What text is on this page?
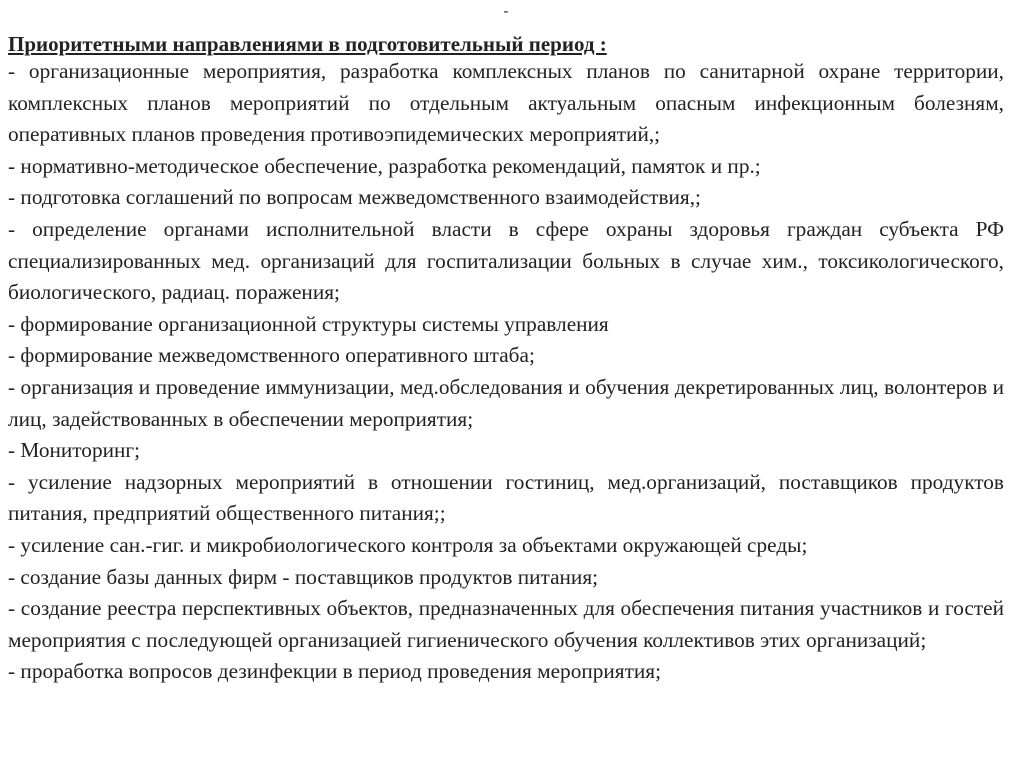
-
Приоритетными направлениями в подготовительный период :
- организационные мероприятия, разработка комплексных планов по санитарной охране территории, комплексных планов мероприятий по отдельным актуальным опасным инфекционным болезням, оперативных планов проведения противоэпидемических мероприятий,;
- нормативно-методическое обеспечение, разработка рекомендаций, памяток и пр.;
- подготовка соглашений по вопросам межведомственного взаимодействия,;
- определение органами исполнительной власти в сфере охраны здоровья граждан субъекта РФ специализированных мед. организаций для госпитализации больных в случае хим., токсикологического, биологического, радиац. поражения;
- формирование организационной структуры системы управления
- формирование межведомственного оперативного штаба;
- организация и проведение иммунизации, мед.обследования и обучения декретированных лиц, волонтеров и лиц, задействованных в обеспечении мероприятия;
- Мониторинг;
- усиление надзорных мероприятий в отношении гостиниц, мед.организаций, поставщиков продуктов питания, предприятий общественного питания;;
- усиление сан.-гиг. и микробиологического контроля за объектами окружающей среды;
- создание базы данных фирм - поставщиков продуктов питания;
- создание реестра перспективных объектов, предназначенных для обеспечения питания участников и гостей мероприятия с последующей организацией гигиенического обучения коллективов этих организаций;
- проработка вопросов дезинфекции в период проведения мероприятия;
